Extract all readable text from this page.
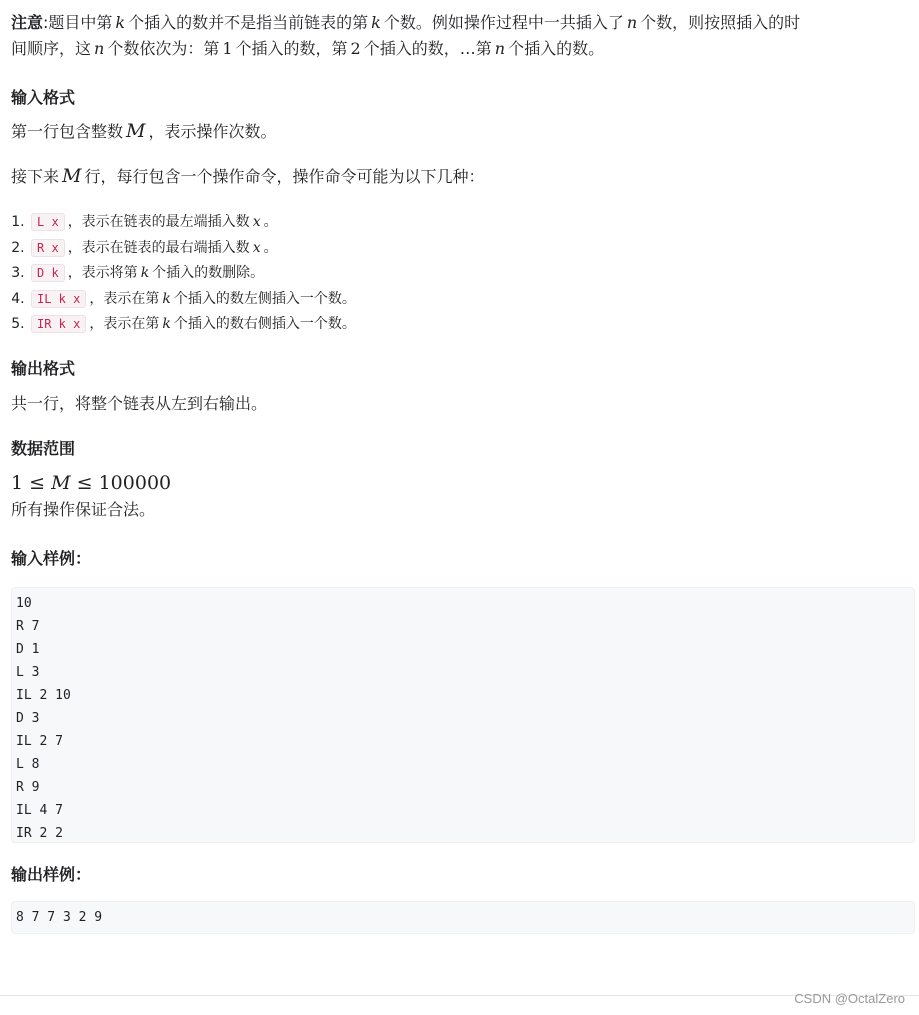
注意:题目中第 k 个插入的数并不是指当前链表的第 k 个数。例如操作过程中一共插入了 n 个数，则按照插入的时
间顺序，这 n 个数依次为：第 1 个插入的数，第 2 个插入的数，…第 n 个插入的数。

输入格式

第一行包含整数 M ，表示操作次数。

接下来 M 行，每行包含一个操作命令，操作命令可能为以下几种：

1. L x ，表示在链表的最左端插入数 x 。
2. R x ，表示在链表的最右端插入数 x 。
3. D k ，表示将第 k 个插入的数删除。
4. IL k x ，表示在第 k 个插入的数左侧插入一个数。
5. IR k x ，表示在第 k 个插入的数右侧插入一个数。
输出格式

共一行，将整个链表从左到右输出。

数据范围
1 ≤ M ≤ 100000

所有操作保证合法。

输入样例：
10
R 7
D 1
L 3
IL 2 10
D 3
IL 2 7
L 8
R 9
IL 4 7
IR 2 2
输出样例：
8 7 7 3 2 9
CSDN @OctalZero
